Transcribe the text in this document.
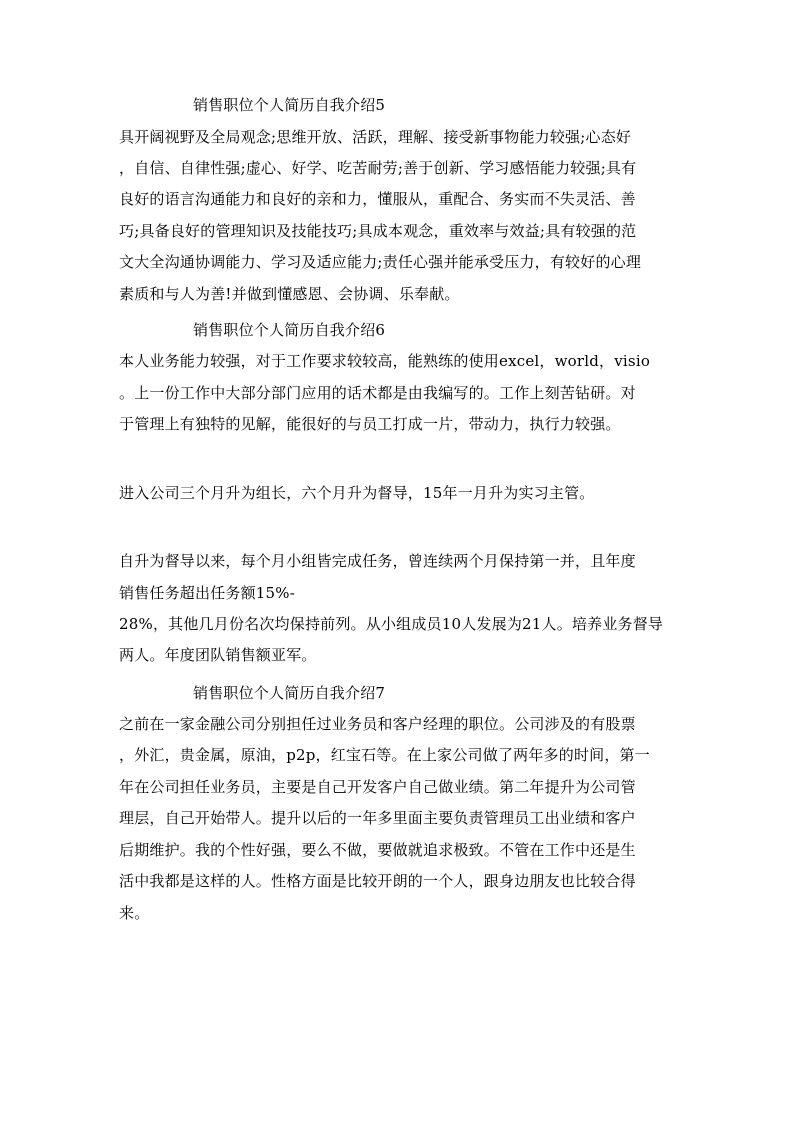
销售职位个人简历自我介绍5
具开阔视野及全局观念;思维开放、活跃，理解、接受新事物能力较强;心态好
，自信、自律性强;虚心、好学、吃苦耐劳;善于创新、学习感悟能力较强;具有
良好的语言沟通能力和良好的亲和力，懂服从，重配合、务实而不失灵活、善
巧;具备良好的管理知识及技能技巧;具成本观念，重效率与效益;具有较强的范
文大全沟通协调能力、学习及适应能力;责任心强并能承受压力，有较好的心理
素质和与人为善!并做到懂感恩、会协调、乐奉献。
销售职位个人简历自我介绍6
本人业务能力较强，对于工作要求较较高，能熟练的使用excel，world，visio
。上一份工作中大部分部门应用的话术都是由我编写的。工作上刻苦钻研。对
于管理上有独特的见解，能很好的与员工打成一片，带动力，执行力较强。
进入公司三个月升为组长，六个月升为督导，15年一月升为实习主管。
自升为督导以来，每个月小组皆完成任务，曾连续两个月保持第一并，且年度
销售任务超出任务额15%-
28%，其他几月份名次均保持前列。从小组成员10人发展为21人。培养业务督导
两人。年度团队销售额亚军。
销售职位个人简历自我介绍7
之前在一家金融公司分别担任过业务员和客户经理的职位。公司涉及的有股票
，外汇，贵金属，原油，p2p，红宝石等。在上家公司做了两年多的时间，第一
年在公司担任业务员，主要是自己开发客户自己做业绩。第二年提升为公司管
理层，自己开始带人。提升以后的一年多里面主要负责管理员工出业绩和客户
后期维护。我的个性好强，要么不做，要做就追求极致。不管在工作中还是生
活中我都是这样的人。性格方面是比较开朗的一个人，跟身边朋友也比较合得
来。
